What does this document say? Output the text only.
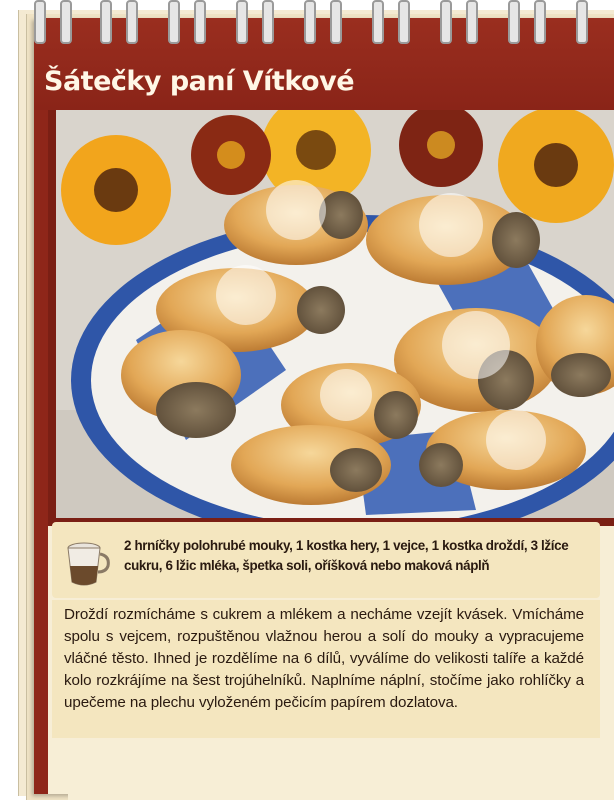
Šátečky paní Vítkové
2 hrníčky polohrubé mouky, 1 kostka hery, 1 vejce, 1 kostka droždí, 3 lžíce cukru, 6 lžic mléka, špetka soli, oříšková nebo maková náplň
Droždí rozmícháme s cukrem a mlékem a necháme vzejít kvásek. Vmícháme spolu s vejcem, rozpuštěnou vlažnou herou a solí do mouky a vypracujeme vláčné těsto. Ihned je rozdělíme na 6 dílů, vyválíme do velikosti talíře a každé kolo rozkrájíme na šest trojúhelníků. Naplníme náplní, stočíme jako rohlíčky a upečeme na plechu vyloženém pečicím papírem dozlatova.
